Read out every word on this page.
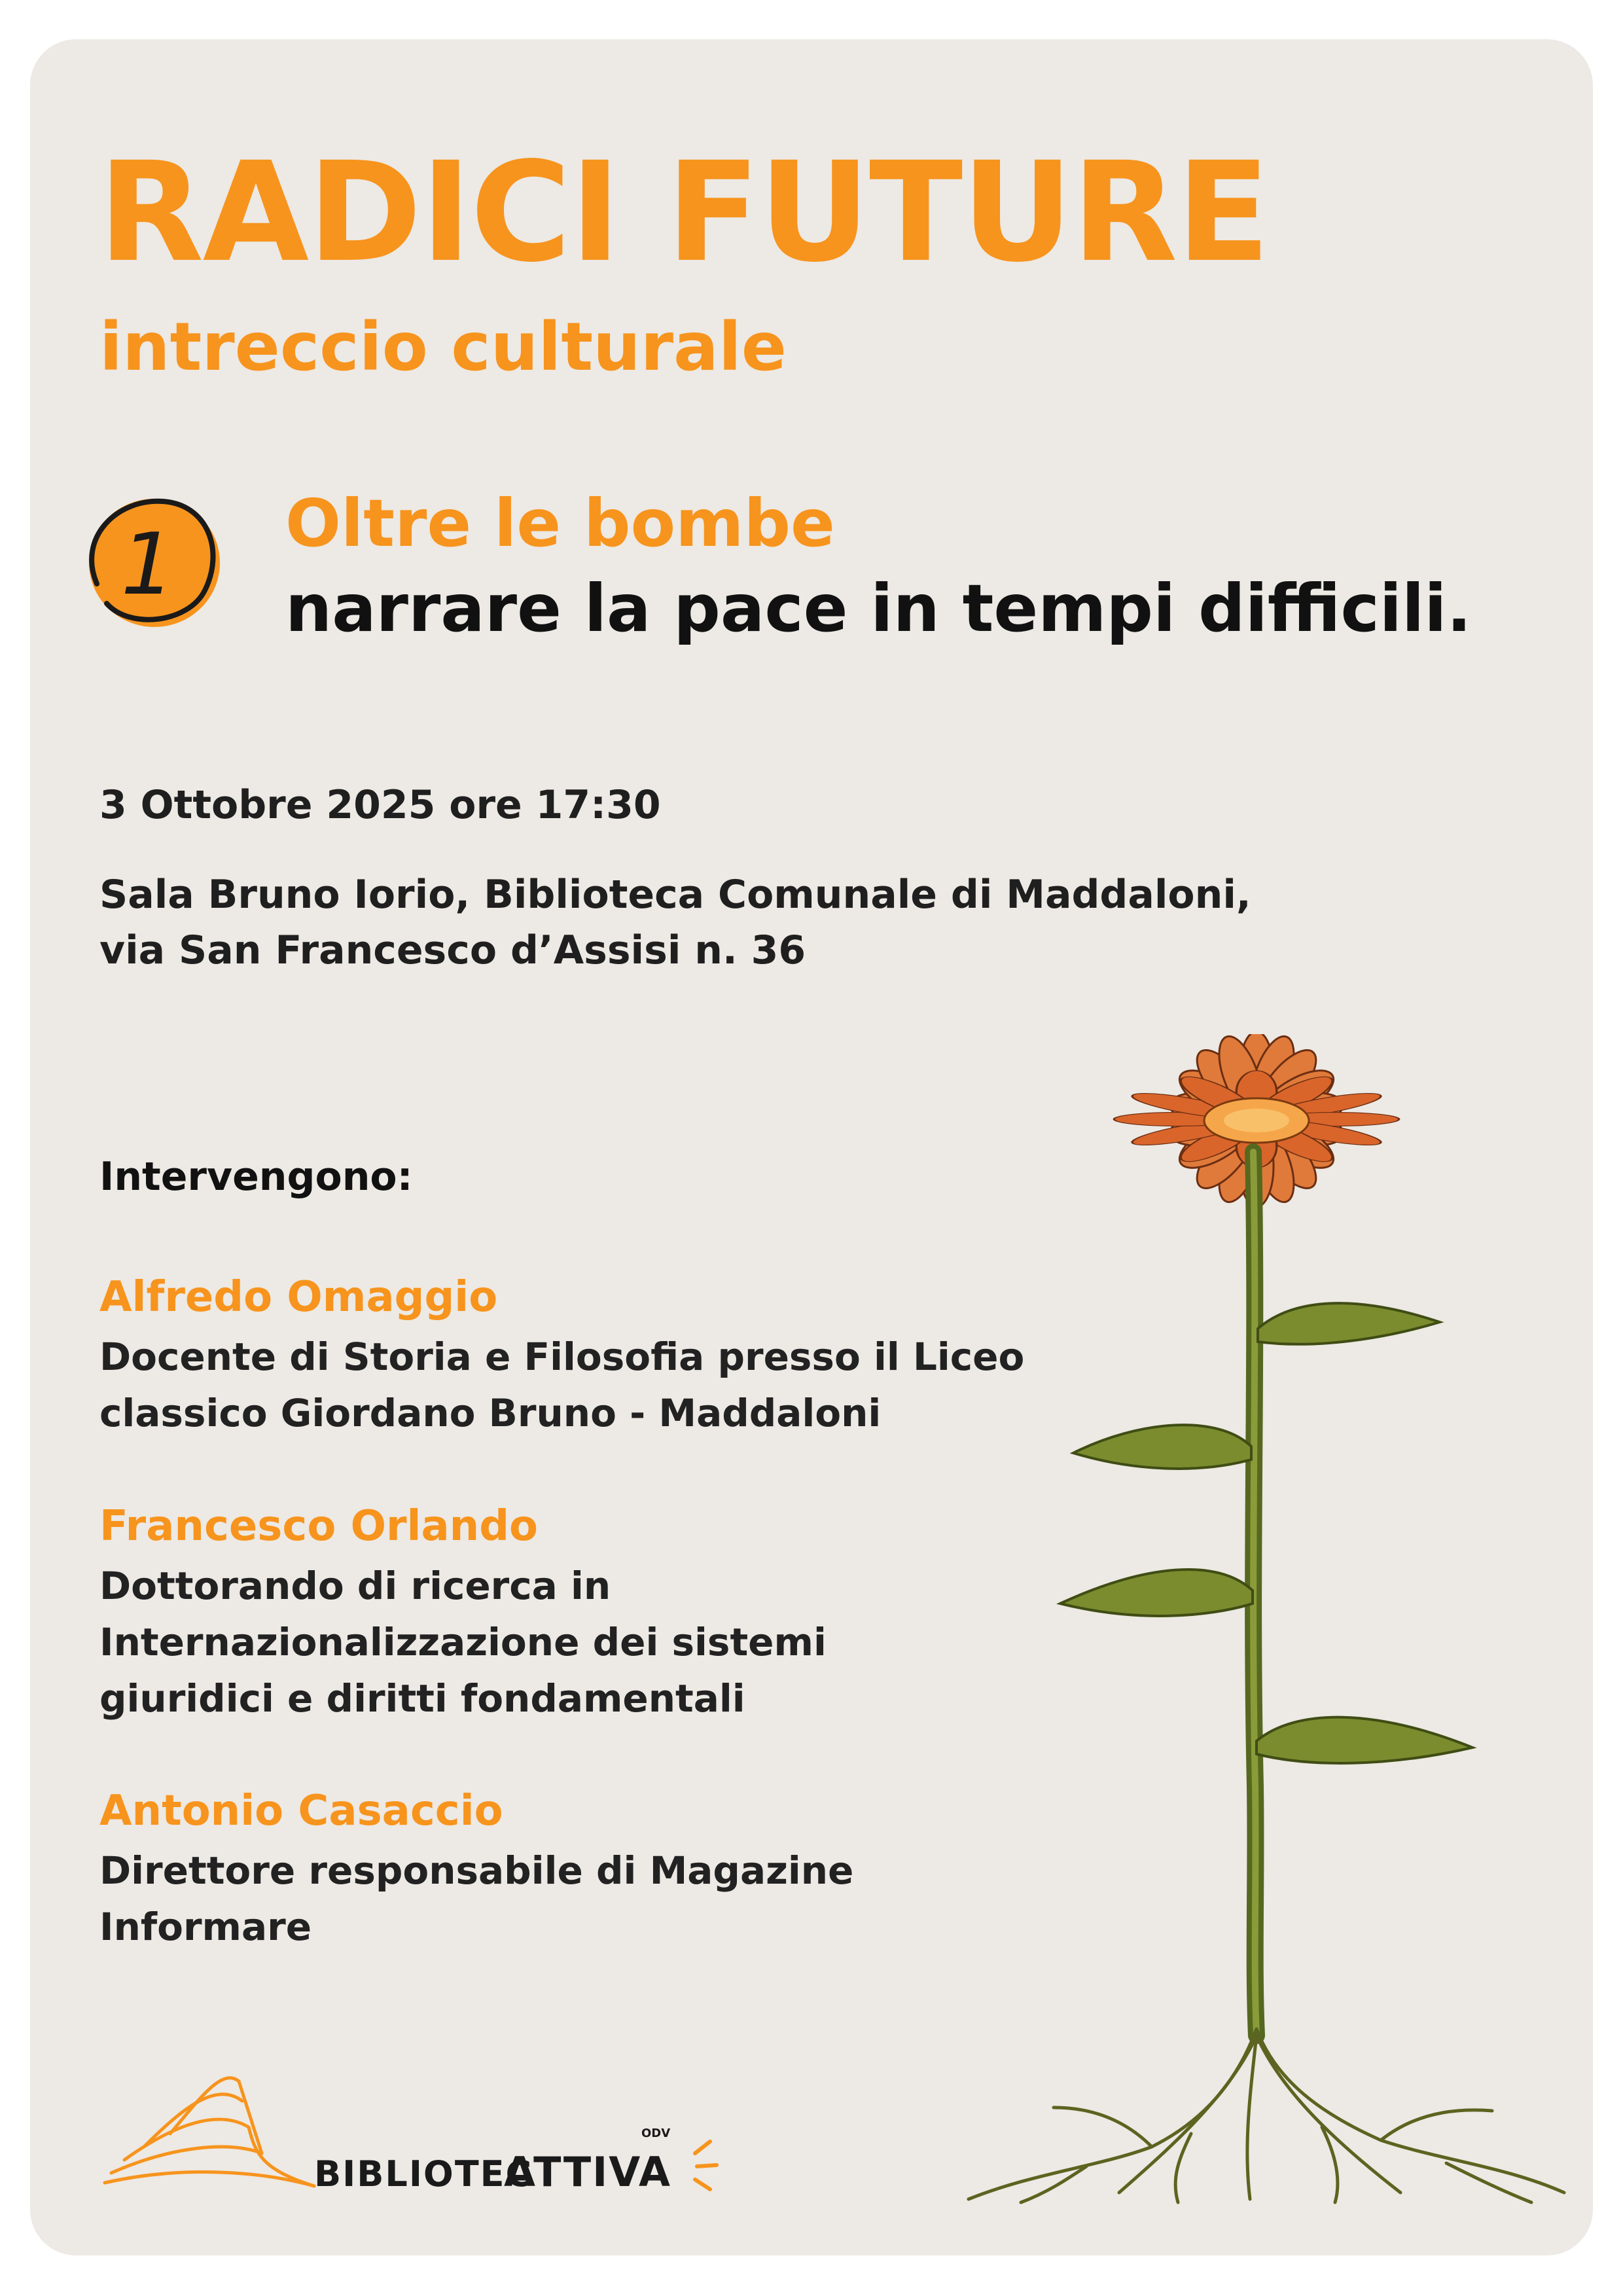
RADICI FUTURE
intreccio culturale
1 Oltre le bombe
narrare la pace in tempi difficili.
3 Ottobre 2025 ore 17:30
Sala Bruno Iorio, Biblioteca Comunale di Maddaloni,
via San Francesco d’Assisi n. 36
Intervengono:
Alfredo Omaggio
Docente di Storia e Filosofia presso il Liceo
classico Giordano Bruno - Maddaloni
Francesco Orlando
Dottorando di ricerca in
Internazionalizzazione dei sistemi
giuridici e diritti fondamentali
Antonio Casaccio
Direttore responsabile di Magazine
Informare
BIBLIOTEC
ATTIVA
ODV
